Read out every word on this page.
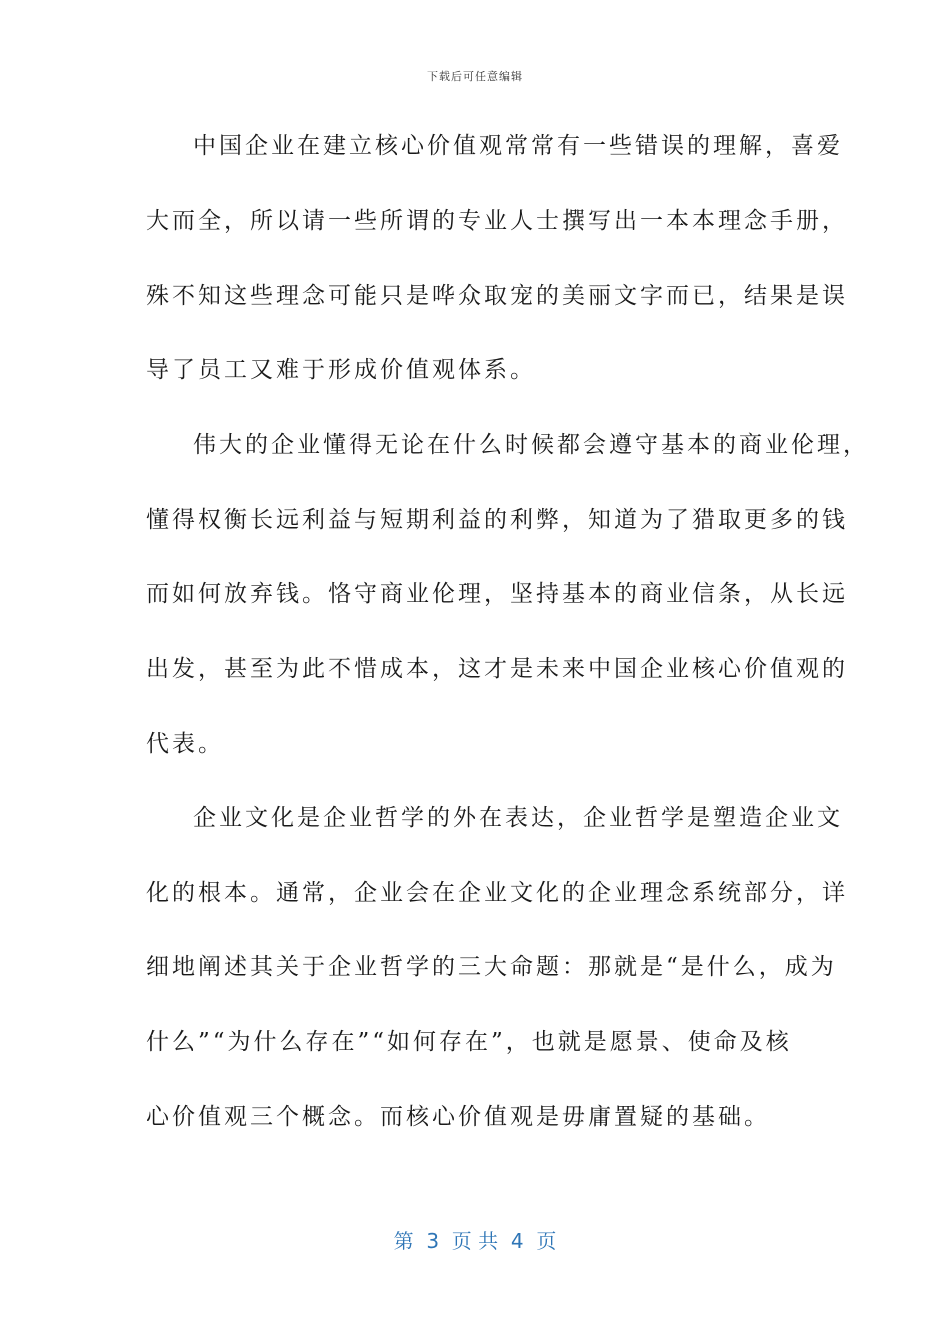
下载后可任意编辑
中国企业在建立核心价值观常常有一些错误的理解，喜爱
大而全，所以请一些所谓的专业人士撰写出一本本理念手册，
殊不知这些理念可能只是哗众取宠的美丽文字而已，结果是误
导了员工又难于形成价值观体系。
伟大的企业懂得无论在什么时候都会遵守基本的商业伦理，
懂得权衡长远利益与短期利益的利弊，知道为了猎取更多的钱
而如何放弃钱。恪守商业伦理，坚持基本的商业信条，从长远
出发，甚至为此不惜成本，这才是未来中国企业核心价值观的
代表。
企业文化是企业哲学的外在表达，企业哲学是塑造企业文
化的根本。通常，企业会在企业文化的企业理念系统部分，详
细地阐述其关于企业哲学的三大命题：那就是“是什么，成为
什么”“为什么存在”“如何存在”，也就是愿景、使命及核
心价值观三个概念。而核心价值观是毋庸置疑的基础。
第  3  页 共  4  页
